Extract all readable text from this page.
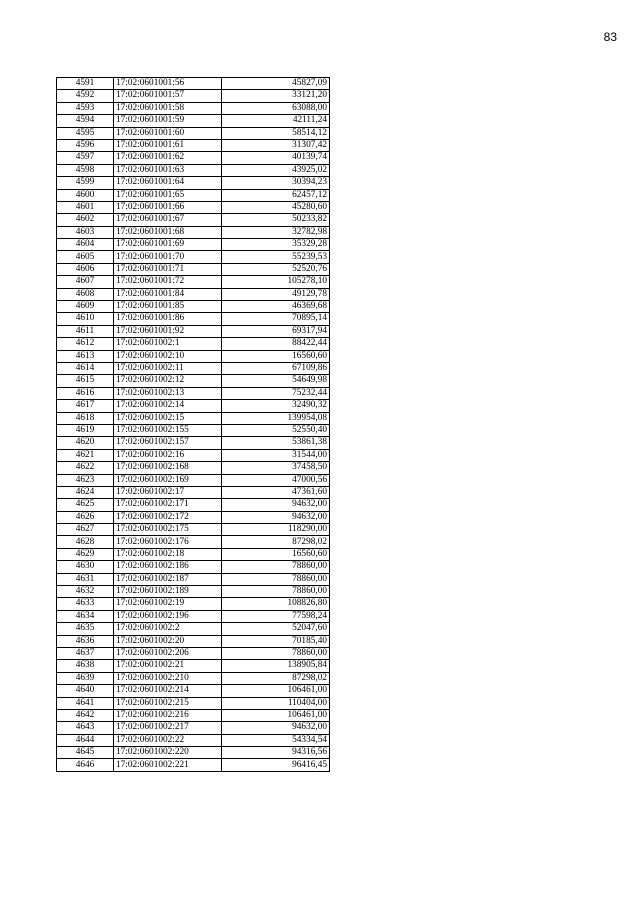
83
4591	17:02:0601001:56	45827,09
4592	17:02:0601001:57	33121,20
4593	17:02:0601001:58	63088,00
4594	17:02:0601001:59	42111,24
4595	17:02:0601001:60	58514,12
4596	17:02:0601001:61	31307,42
4597	17:02:0601001:62	40139,74
4598	17:02:0601001:63	43925,02
4599	17:02:0601001:64	30394,23
4600	17:02:0601001:65	62457,12
4601	17:02:0601001:66	45280,60
4602	17:02:0601001:67	50233,82
4603	17:02:0601001:68	32782,98
4604	17:02:0601001:69	35329,28
4605	17:02:0601001:70	55239,53
4606	17:02:0601001:71	52520,76
4607	17:02:0601001:72	105278,10
4608	17:02:0601001:84	49129,78
4609	17:02:0601001:85	46369,68
4610	17:02:0601001:86	70895,14
4611	17:02:0601001:92	69317,94
4612	17:02:0601002:1	88422,44
4613	17:02:0601002:10	16560,60
4614	17:02:0601002:11	67109,86
4615	17:02:0601002:12	54649,98
4616	17:02:0601002:13	75232,44
4617	17:02:0601002:14	32490,32
4618	17:02:0601002:15	139954,08
4619	17:02:0601002:155	52550,40
4620	17:02:0601002:157	53861,38
4621	17:02:0601002:16	31544,00
4622	17:02:0601002:168	37458,50
4623	17:02:0601002:169	47000,56
4624	17:02:0601002:17	47361,60
4625	17:02:0601002:171	94632,00
4626	17:02:0601002:172	94632,00
4627	17:02:0601002:175	118290,00
4628	17:02:0601002:176	87298,02
4629	17:02:0601002:18	16560,60
4630	17:02:0601002:186	78860,00
4631	17:02:0601002:187	78860,00
4632	17:02:0601002:189	78860,00
4633	17:02:0601002:19	108826,80
4634	17:02:0601002:196	77598,24
4635	17:02:0601002:2	52047,60
4636	17:02:0601002:20	70185,40
4637	17:02:0601002:206	78860,00
4638	17:02:0601002:21	138905,84
4639	17:02:0601002:210	87298,02
4640	17:02:0601002:214	106461,00
4641	17:02:0601002:215	110404,00
4642	17:02:0601002:216	106461,00
4643	17:02:0601002:217	94632,00
4644	17:02:0601002:22	54334,54
4645	17:02:0601002:220	94316,56
4646	17:02:0601002:221	96416,45
